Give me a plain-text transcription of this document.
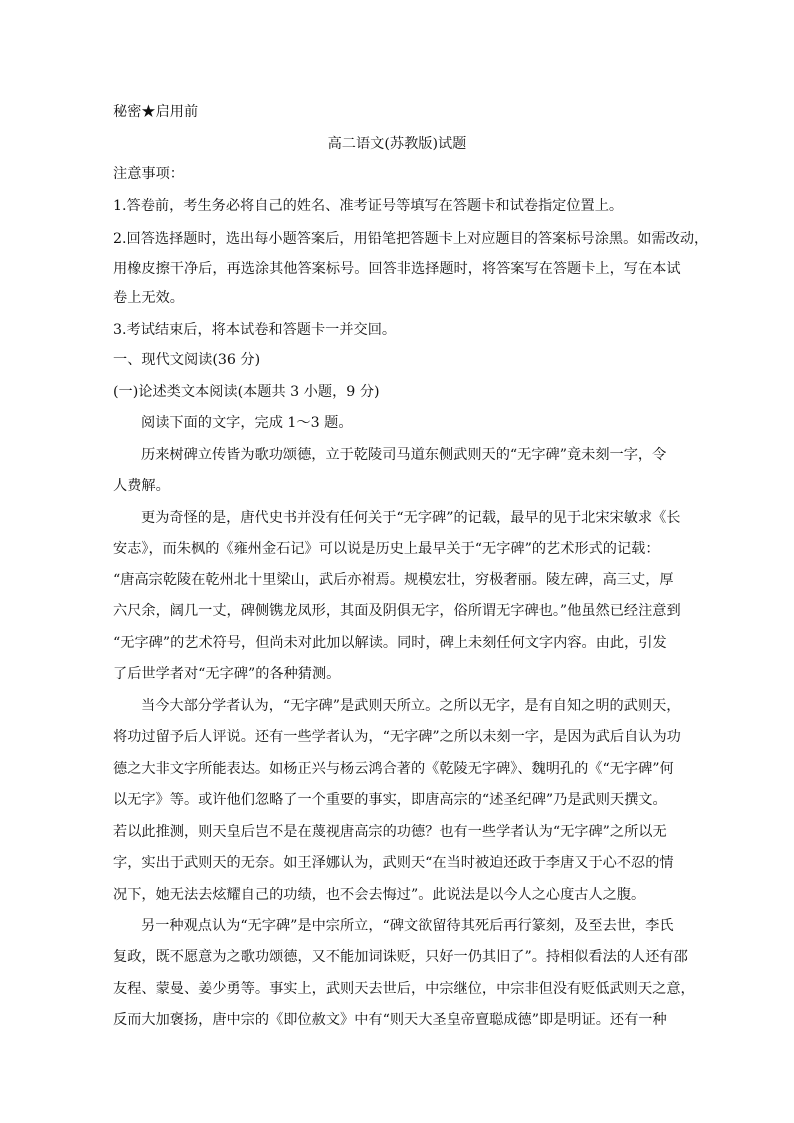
秘密★启用前
高二语文(苏教版)试题
注意事项：
1.答卷前，考生务必将自己的姓名、准考证号等填写在答题卡和试卷指定位置上。
2.回答选择题时，选出每小题答案后，用铅笔把答题卡上对应题目的答案标号涂黑。如需改动，
用橡皮擦干净后，再选涂其他答案标号。回答非选择题时，将答案写在答题卡上，写在本试
卷上无效。
3.考试结束后，将本试卷和答题卡一并交回。
一、现代文阅读(36 分)
(一)论述类文本阅读(本题共 3 小题，9 分)
阅读下面的文字，完成 1～3 题。
历来树碑立传皆为歌功颂德，立于乾陵司马道东侧武则天的“无字碑”竟未刻一字，令
人费解。
更为奇怪的是，唐代史书并没有任何关于“无字碑”的记载，最早的见于北宋宋敏求《长
安志》，而朱枫的《雍州金石记》可以说是历史上最早关于“无字碑”的艺术形式的记载：
“唐高宗乾陵在乾州北十里梁山，武后亦祔焉。规模宏壮，穷极奢丽。陵左碑，高三丈，厚
六尺余，阔几一丈，碑侧镌龙凤形，其面及阴俱无字，俗所谓无字碑也。”他虽然已经注意到
“无字碑”的艺术符号，但尚未对此加以解读。同时，碑上未刻任何文字内容。由此，引发
了后世学者对“无字碑”的各种猜测。
当今大部分学者认为，“无字碑”是武则天所立。之所以无字，是有自知之明的武则天，
将功过留予后人评说。还有一些学者认为，“无字碑”之所以未刻一字，是因为武后自认为功
德之大非文字所能表达。如杨正兴与杨云鸿合著的《乾陵无字碑》、魏明孔的《“无字碑”何
以无字》等。或许他们忽略了一个重要的事实，即唐高宗的“述圣纪碑”乃是武则天撰文。
若以此推测，则天皇后岂不是在蔑视唐高宗的功德？也有一些学者认为“无字碑”之所以无
字，实出于武则天的无奈。如王泽娜认为，武则天“在当时被迫还政于李唐又于心不忍的情
况下，她无法去炫耀自己的功绩，也不会去悔过”。此说法是以今人之心度古人之腹。
另一种观点认为“无字碑”是中宗所立，“碑文欲留待其死后再行篆刻，及至去世，李氏
复政，既不愿意为之歌功颂德，又不能加词诛贬，只好一仍其旧了”。持相似看法的人还有邵
友程、蒙曼、姜少勇等。事实上，武则天去世后，中宗继位，中宗非但没有贬低武则天之意，
反而大加褒扬，唐中宗的《即位赦文》中有“则天大圣皇帝亶聪成德”即是明证。还有一种
